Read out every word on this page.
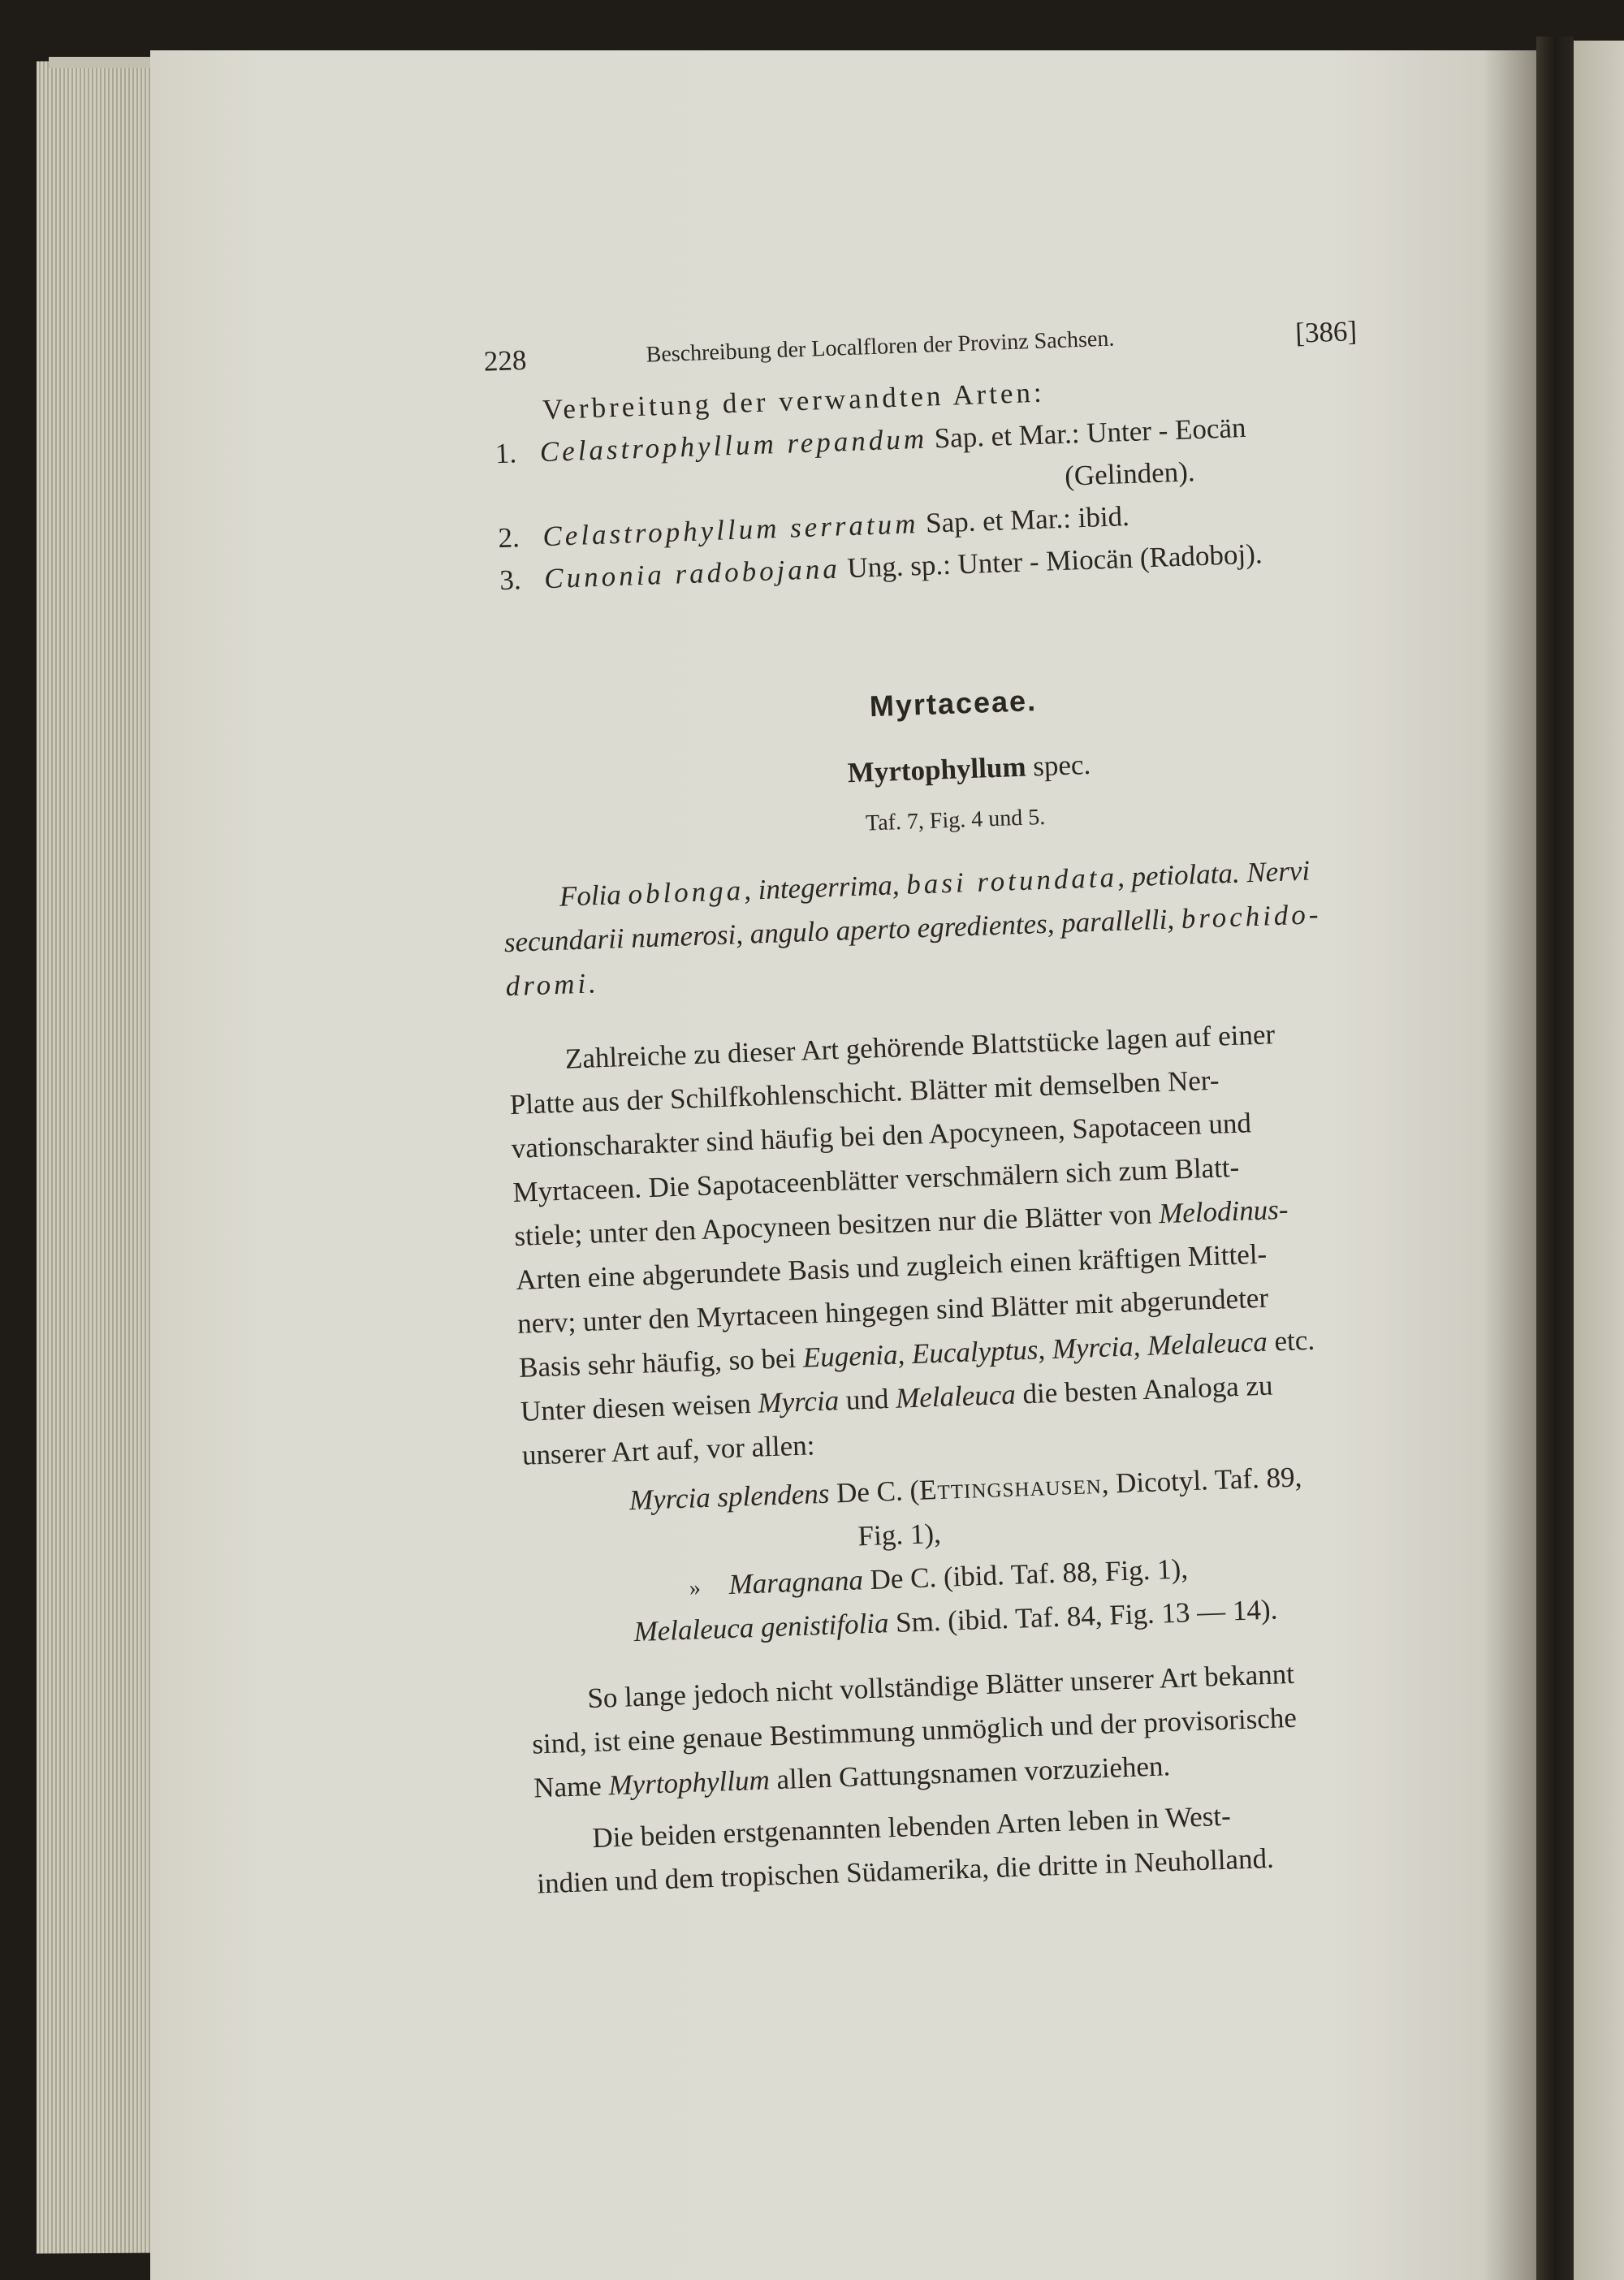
228	Beschreibung der Localfloren der Provinz Sachsen.	[386]
Verbreitung der verwandten Arten:
1. Celastrophyllum repandum Sap. et Mar.: Unter - Eocän
(Gelinden).
2. Celastrophyllum serratum Sap. et Mar.: ibid.
3. Cunonia radobojana Ung. sp.: Unter - Miocän (Radoboj).
Myrtaceae.
Myrtophyllum spec.
Taf. 7, Fig. 4 und 5.
Folia oblonga, integerrima, basi rotundata, petiolata. Nervi
secundarii numerosi, angulo aperto egredientes, parallelli, brochido-
dromi.
Zahlreiche zu dieser Art gehörende Blattstücke lagen auf einer
Platte aus der Schilfkohlenschicht. Blätter mit demselben Ner-
vationscharakter sind häufig bei den Apocyneen, Sapotaceen und
Myrtaceen. Die Sapotaceenblätter verschmälern sich zum Blatt-
stiele; unter den Apocyneen besitzen nur die Blätter von Melodinus-
Arten eine abgerundete Basis und zugleich einen kräftigen Mittel-
nerv; unter den Myrtaceen hingegen sind Blätter mit abgerundeter
Basis sehr häufig, so bei Eugenia, Eucalyptus, Myrcia, Melaleuca etc.
Unter diesen weisen Myrcia und Melaleuca die besten Analoga zu
unserer Art auf, vor allen:
Myrcia splendens De C. (Ettingshausen, Dicotyl. Taf. 89,
Fig. 1),
» Maragnana De C. (ibid. Taf. 88, Fig. 1),
Melaleuca genistifolia Sm. (ibid. Taf. 84, Fig. 13 — 14).
So lange jedoch nicht vollständige Blätter unserer Art bekannt
sind, ist eine genaue Bestimmung unmöglich und der provisorische
Name Myrtophyllum allen Gattungsnamen vorzuziehen.
Die beiden erstgenannten lebenden Arten leben in West-
indien und dem tropischen Südamerika, die dritte in Neuholland.
